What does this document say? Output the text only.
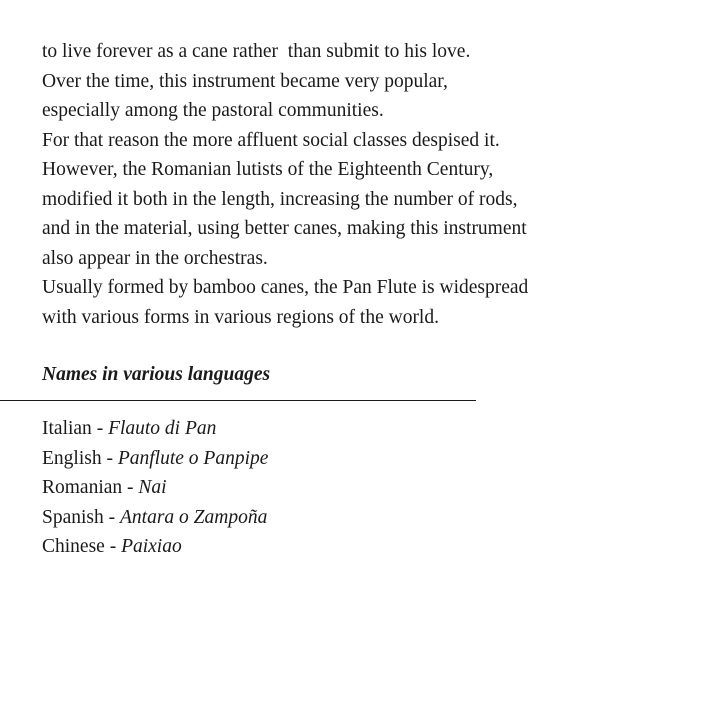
to live forever as a cane rather  than submit to his love.
Over the time, this instrument became very popular,
especially among the pastoral communities.
For that reason the more affluent social classes despised it.
However, the Romanian lutists of the Eighteenth Century,
modified it both in the length, increasing the number of rods,
and in the material, using better canes, making this instrument
also appear in the orchestras.
Usually formed by bamboo canes, the Pan Flute is widespread
with various forms in various regions of the world.
Names in various languages
Italian - Flauto di Pan
English - Panflute o Panpipe
Romanian - Nai
Spanish - Antara o Zampoña
Chinese - Paixiao
